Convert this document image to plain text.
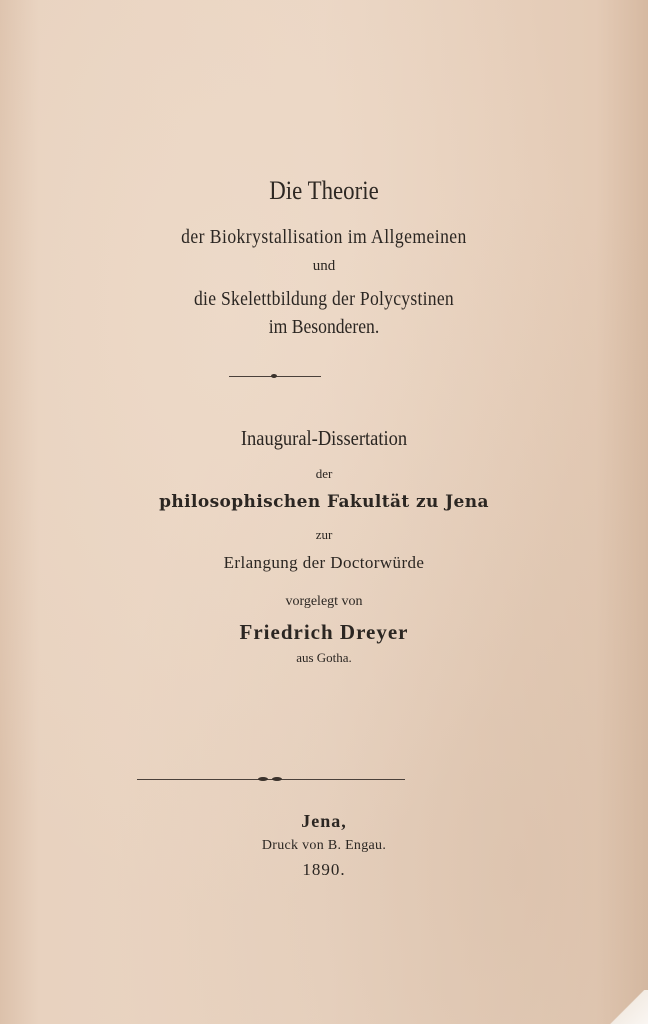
Die Theorie
der Biokrystallisation im Allgemeinen
und
die Skelettbildung der Polycystinen
im Besonderen.
Inaugural-Dissertation
der
philosophischen Fakultät zu Jena
zur
Erlangung der Doctorwürde
vorgelegt von
Friedrich Dreyer
aus Gotha.
Jena,
Druck von B. Engau.
1890.
